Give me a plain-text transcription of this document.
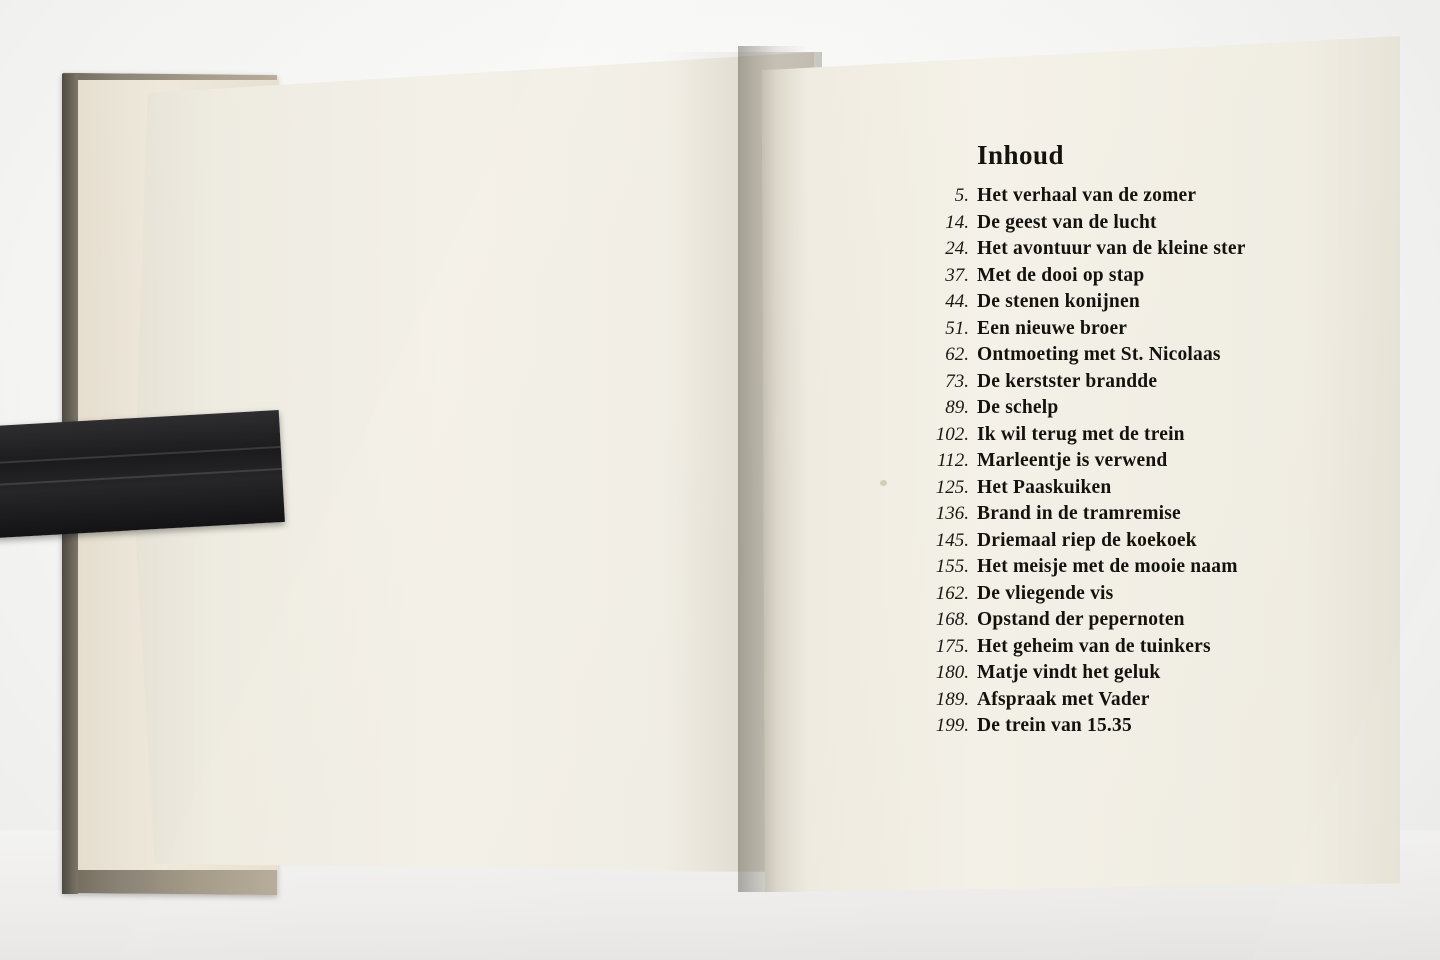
Inhoud
5. Het verhaal van de zomer
14. De geest van de lucht
24. Het avontuur van de kleine ster
37. Met de dooi op stap
44. De stenen konijnen
51. Een nieuwe broer
62. Ontmoeting met St. Nicolaas
73. De kerstster brandde
89. De schelp
102. Ik wil terug met de trein
112. Marleentje is verwend
125. Het Paaskuiken
136. Brand in de tramremise
145. Driemaal riep de koekoek
155. Het meisje met de mooie naam
162. De vliegende vis
168. Opstand der pepernoten
175. Het geheim van de tuinkers
180. Matje vindt het geluk
189. Afspraak met Vader
199. De trein van 15.35
